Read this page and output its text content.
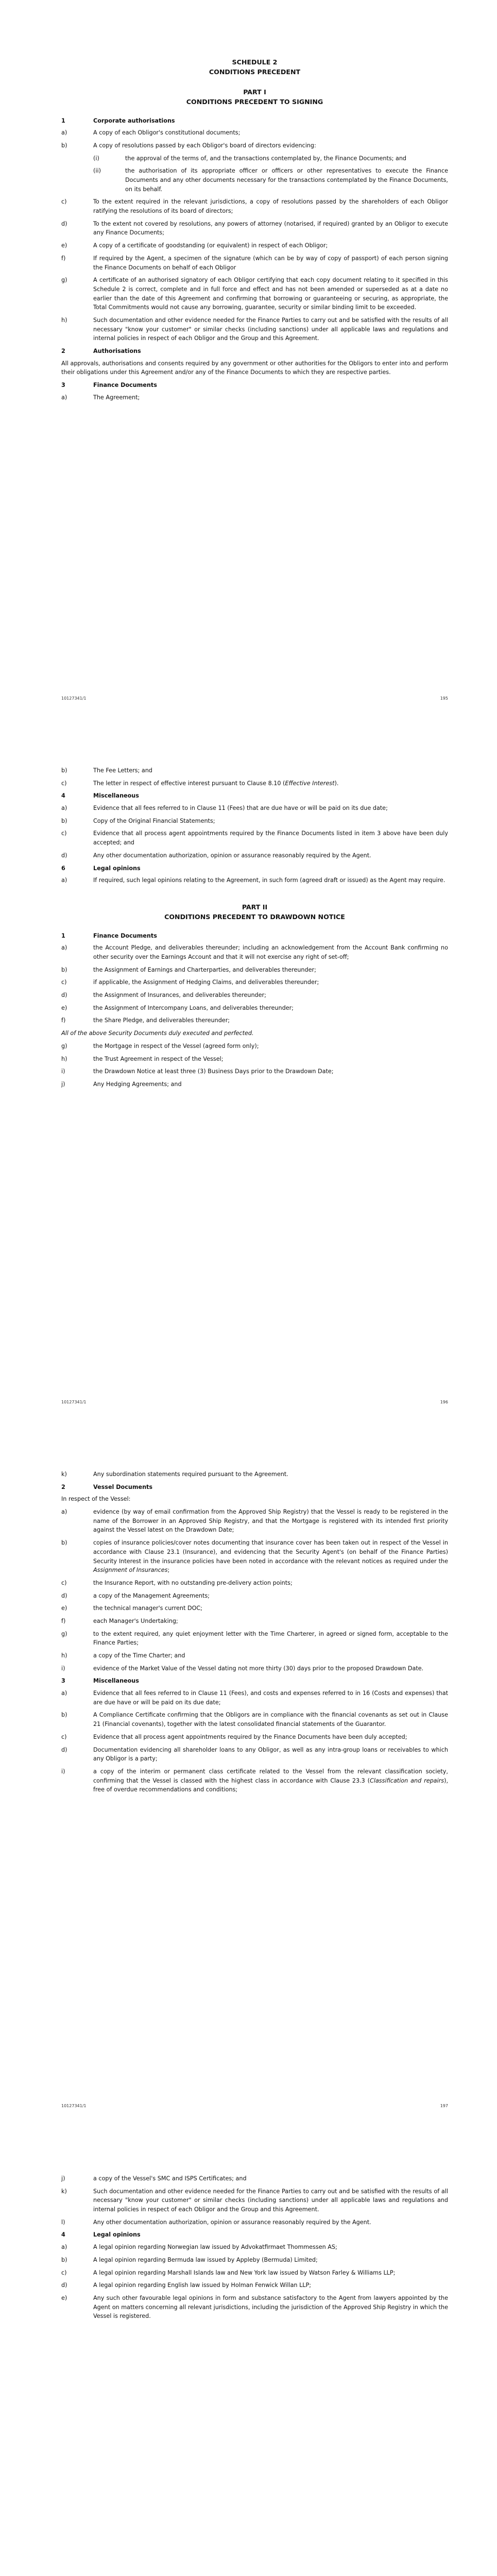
SCHEDULE 2

CONDITIONS PRECEDENT

PART I

CONDITIONS PRECEDENT TO SIGNING

1	Corporate authorisations
a)	A copy of each Obligor's constitutional documents;
b)	A copy of resolutions passed by each Obligor's board of directors evidencing:
(i)	the approval of the terms of, and the transactions contemplated by, the Finance Documents; and
(ii)	the authorisation of its appropriate officer or officers or other representatives to execute the Finance Documents and any other documents necessary for the transactions contemplated by the Finance Documents, on its behalf.
c)	To the extent required in the relevant jurisdictions, a copy of resolutions passed by the shareholders of each Obligor ratifying the resolutions of its board of directors;
d)	To the extent not covered by resolutions, any powers of attorney (notarised, if required) granted by an Obligor to execute any Finance Documents;
e)	A copy of a certificate of goodstanding (or equivalent) in respect of each Obligor;
f)	If required by the Agent, a specimen of the signature (which can be by way of copy of passport) of each person signing the Finance Documents on behalf of each Obligor
g)	A certificate of an authorised signatory of each Obligor certifying that each copy document relating to it specified in this Schedule 2 is correct, complete and in full force and effect and has not been amended or superseded as at a date no earlier than the date of this Agreement and confirming that borrowing or guaranteeing or securing, as appropriate, the Total Commitments would not cause any borrowing, guarantee, security or similar binding limit to be exceeded.
h)	Such documentation and other evidence needed for the Finance Parties to carry out and be satisfied with the results of all necessary "know your customer" or similar checks (including sanctions) under all applicable laws and regulations and internal policies in respect of each Obligor and the Group and this Agreement.
2	Authorisations

All approvals, authorisations and consents required by any government or other authorities for the Obligors to enter into and perform their obligations under this Agreement and/or any of the Finance Documents to which they are respective parties.

3	Finance Documents
a)	The Agreement;
10127341/1	195
b)	The Fee Letters; and
c)	The letter in respect of effective interest pursuant to Clause 8.10 (Effective Interest).
4	Miscellaneous
a)	Evidence that all fees referred to in Clause 11 (Fees) that are due have or will be paid on its due date;
b)	Copy of the Original Financial Statements;
c)	Evidence that all process agent appointments required by the Finance Documents listed in item 3 above have been duly accepted; and
d)	Any other documentation authorization, opinion or assurance reasonably required by the Agent.
6	Legal opinions
a)	If required, such legal opinions relating to the Agreement, in such form (agreed draft or issued) as the Agent may require.

PART II

CONDITIONS PRECEDENT TO DRAWDOWN NOTICE

1	Finance Documents
a)	the Account Pledge, and deliverables thereunder; including an acknowledgement from the Account Bank confirming no other security over the Earnings Account and that it will not exercise any right of set-off;
b)	the Assignment of Earnings and Charterparties, and deliverables thereunder;
c)	if applicable, the Assignment of Hedging Claims, and deliverables thereunder;
d)	the Assignment of Insurances, and deliverables thereunder;
e)	the Assignment of Intercompany Loans, and deliverables thereunder;
f)	the Share Pledge, and deliverables thereunder;

All of the above Security Documents duly executed and perfected.

g)	the Mortgage in respect of the Vessel (agreed form only);
h)	the Trust Agreement in respect of the Vessel;
i)	the Drawdown Notice at least three (3) Business Days prior to the Drawdown Date;
j)	Any Hedging Agreements; and
10127341/1	196
k)	Any subordination statements required pursuant to the Agreement.
2	Vessel Documents

In respect of the Vessel:

a)	evidence (by way of email confirmation from the Approved Ship Registry) that the Vessel is ready to be registered in the name of the Borrower in an Approved Ship Registry, and that the Mortgage is registered with its intended first priority against the Vessel latest on the Drawdown Date;
b)	copies of insurance policies/cover notes documenting that insurance cover has been taken out in respect of the Vessel in accordance with Clause 23.1 (Insurance), and evidencing that the Security Agent's (on behalf of the Finance Parties) Security Interest in the insurance policies have been noted in accordance with the relevant notices as required under the Assignment of Insurances;
c)	the Insurance Report, with no outstanding pre-delivery action points;
d)	a copy of the Management Agreements;
e)	the technical manager's current DOC;
f)	each Manager's Undertaking;
g)	to the extent required, any quiet enjoyment letter with the Time Charterer, in agreed or signed form, acceptable to the Finance Parties;
h)	a copy of the Time Charter; and
i)	evidence of the Market Value of the Vessel dating not more thirty (30) days prior to the proposed Drawdown Date.
3	Miscellaneous
a)	Evidence that all fees referred to in Clause 11 (Fees), and costs and expenses referred to in 16 (Costs and expenses) that are due have or will be paid on its due date;
b)	A Compliance Certificate confirming that the Obligors are in compliance with the financial covenants as set out in Clause 21 (Financial covenants), together with the latest consolidated financial statements of the Guarantor.
c)	Evidence that all process agent appointments required by the Finance Documents have been duly accepted;
d)	Documentation evidencing all shareholder loans to any Obligor, as well as any intra-group loans or receivables to which any Obligor is a party;
i)	a copy of the interim or permanent class certificate related to the Vessel from the relevant classification society, confirming that the Vessel is classed with the highest class in accordance with Clause 23.3 (Classification and repairs), free of overdue recommendations and conditions;
10127341/1	197
j)	a copy of the Vessel's SMC and ISPS Certificates; and
k)	Such documentation and other evidence needed for the Finance Parties to carry out and be satisfied with the results of all necessary "know your customer" or similar checks (including sanctions) under all applicable laws and regulations and internal policies in respect of each Obligor and the Group and this Agreement.
l)	Any other documentation authorization, opinion or assurance reasonably required by the Agent.
4	Legal opinions
a)	A legal opinion regarding Norwegian law issued by Advokatfirmaet Thommessen AS;
b)	A legal opinion regarding Bermuda law issued by Appleby (Bermuda) Limited;
c)	A legal opinion regarding Marshall Islands law and New York law issued by Watson Farley & Williams LLP;
d)	A legal opinion regarding English law issued by Holman Fenwick Willan LLP;
e)	Any such other favourable legal opinions in form and substance satisfactory to the Agent from lawyers appointed by the Agent on matters concerning all relevant jurisdictions, including the jurisdiction of the Approved Ship Registry in which the Vessel is registered.
